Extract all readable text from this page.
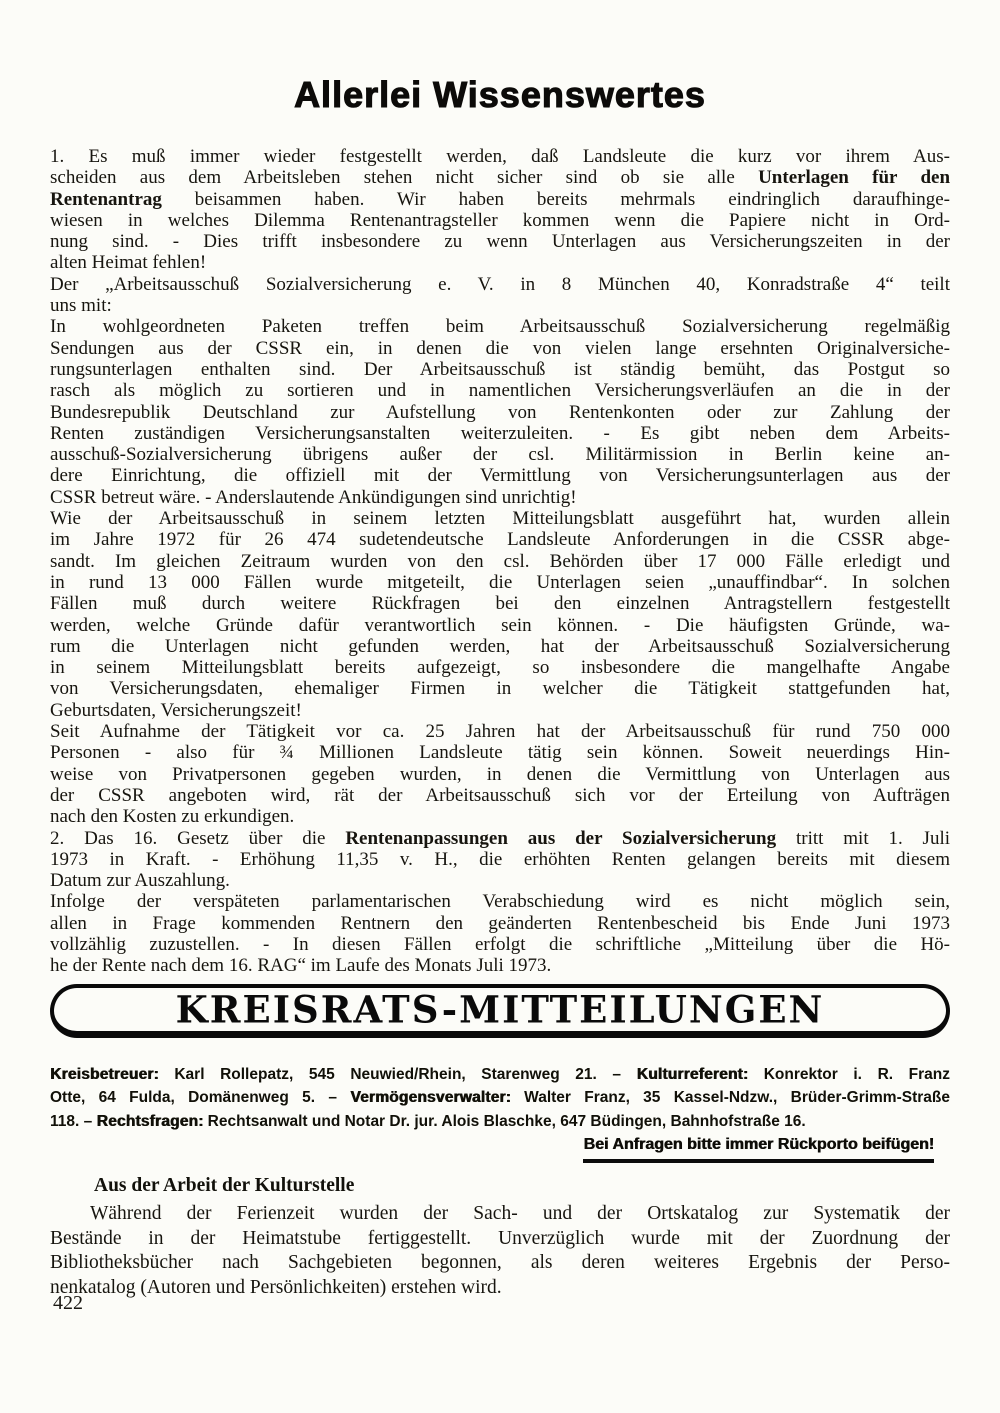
Allerlei Wissenswertes
1. Es muß immer wieder festgestellt werden, daß Landsleute die kurz vor ihrem Aus-
scheiden aus dem Arbeitsleben stehen nicht sicher sind ob sie alle Unterlagen für den
Rentenantrag beisammen haben. Wir haben bereits mehrmals eindringlich daraufhinge-
wiesen in welches Dilemma Rentenantragsteller kommen wenn die Papiere nicht in Ord-
nung sind. - Dies trifft insbesondere zu wenn Unterlagen aus Versicherungszeiten in der
alten Heimat fehlen!
Der „Arbeitsausschuß Sozialversicherung e. V. in 8 München 40, Konradstraße 4“ teilt
uns mit:
In wohlgeordneten Paketen treffen beim Arbeitsausschuß Sozialversicherung regelmäßig
Sendungen aus der CSSR ein, in denen die von vielen lange ersehnten Originalversiche-
rungsunterlagen enthalten sind. Der Arbeitsausschuß ist ständig bemüht, das Postgut so
rasch als möglich zu sortieren und in namentlichen Versicherungsverläufen an die in der
Bundesrepublik Deutschland zur Aufstellung von Rentenkonten oder zur Zahlung der
Renten zuständigen Versicherungsanstalten weiterzuleiten. - Es gibt neben dem Arbeits-
ausschuß-Sozialversicherung übrigens außer der csl. Militärmission in Berlin keine an-
dere Einrichtung, die offiziell mit der Vermittlung von Versicherungsunterlagen aus der
CSSR betreut wäre. - Anderslautende Ankündigungen sind unrichtig!
Wie der Arbeitsausschuß in seinem letzten Mitteilungsblatt ausgeführt hat, wurden allein
im Jahre 1972 für 26 474 sudetendeutsche Landsleute Anforderungen in die CSSR abge-
sandt. Im gleichen Zeitraum wurden von den csl. Behörden über 17 000 Fälle erledigt und
in rund 13 000 Fällen wurde mitgeteilt, die Unterlagen seien „unauffindbar“. In solchen
Fällen muß durch weitere Rückfragen bei den einzelnen Antragstellern festgestellt
werden, welche Gründe dafür verantwortlich sein können. - Die häufigsten Gründe, wa-
rum die Unterlagen nicht gefunden werden, hat der Arbeitsausschuß Sozialversicherung
in seinem Mitteilungsblatt bereits aufgezeigt, so insbesondere die mangelhafte Angabe
von Versicherungsdaten, ehemaliger Firmen in welcher die Tätigkeit stattgefunden hat,
Geburtsdaten, Versicherungszeit!
Seit Aufnahme der Tätigkeit vor ca. 25 Jahren hat der Arbeitsausschuß für rund 750 000
Personen - also für ¾ Millionen Landsleute tätig sein können. Soweit neuerdings Hin-
weise von Privatpersonen gegeben wurden, in denen die Vermittlung von Unterlagen aus
der CSSR angeboten wird, rät der Arbeitsausschuß sich vor der Erteilung von Aufträgen
nach den Kosten zu erkundigen.
2. Das 16. Gesetz über die Rentenanpassungen aus der Sozialversicherung tritt mit 1. Juli
1973 in Kraft. - Erhöhung 11,35 v. H., die erhöhten Renten gelangen bereits mit diesem
Datum zur Auszahlung.
Infolge der verspäteten parlamentarischen Verabschiedung wird es nicht möglich sein,
allen in Frage kommenden Rentnern den geänderten Rentenbescheid bis Ende Juni 1973
vollzählig zuzustellen. - In diesen Fällen erfolgt die schriftliche „Mitteilung über die Hö-
he der Rente nach dem 16. RAG“ im Laufe des Monats Juli 1973.
KREISRATS-MITTEILUNGEN
Kreisbetreuer: Karl Rollepatz, 545 Neuwied/Rhein, Starenweg 21. – Kulturreferent: Konrektor i. R. Franz
Otte, 64 Fulda, Domänenweg 5. – Vermögensverwalter: Walter Franz, 35 Kassel-Ndzw., Brüder-Grimm-Straße
118. – Rechtsfragen: Rechtsanwalt und Notar Dr. jur. Alois Blaschke, 647 Büdingen, Bahnhofstraße 16.
Bei Anfragen bitte immer Rückporto beifügen!
Aus der Arbeit der Kulturstelle
Während der Ferienzeit wurden der Sach- und der Ortskatalog zur Systematik der
Bestände in der Heimatstube fertiggestellt. Unverzüglich wurde mit der Zuordnung der
Bibliotheksbücher nach Sachgebieten begonnen, als deren weiteres Ergebnis der Perso-
nenkatalog (Autoren und Persönlichkeiten) erstehen wird.
422
